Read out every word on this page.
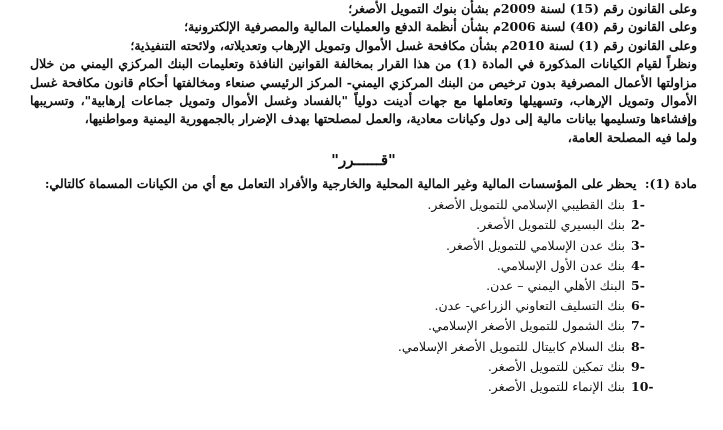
وعلى القانون رقم (15) لسنة 2009م بشأن بنوك التمويل الأصغر؛

وعلى القانون رقم (40) لسنة 2006م بشأن أنظمة الدفع والعمليات المالية والمصرفية الإلكترونية؛

وعلى القانون رقم (1) لسنة 2010م بشأن مكافحة غسل الأموال وتمويل الإرهاب وتعديلاته، ولائحته التنفيذية؛

ونظراً لقيام الكيانات المذكورة في المادة (1) من هذا القرار بمخالفة القوانين النافذة وتعليمات البنك المركزي اليمني من خلال مزاولتها الأعمال المصرفية بدون ترخيص من البنك المركزي اليمني- المركز الرئيسي صنعاء ومخالفتها أحكام قانون مكافحة غسل الأموال وتمويل الإرهاب، وتسهيلها وتعاملها مع جهات أدينت دولياً "بالفساد وغسل الأموال وتمويل جماعات إرهابية"، وتسريبها وإفشاءها وتسليمها بيانات مالية إلى دول وكيانات معادية، والعمل لمصلحتها بهدف الإضرار بالجمهورية اليمنية ومواطنيها،

ولما فيه المصلحة العامة،

"قــــــرر"

مادة (1): يحظر على المؤسسات المالية وغير المالية المحلية والخارجية والأفراد التعامل مع أي من الكيانات المسماة كالتالي:

1 -
بنك القطيبي الإسلامي للتمويل الأصغر.
2 -
بنك البسيري للتمويل الأصغر.
3 -
بنك عدن الإسلامي للتمويل الأصغر.
4 -
بنك عدن الأول الإسلامي.
5 -
البنك الأهلي اليمني – عدن.
6 -
بنك التسليف التعاوني الزراعي- عدن.
7 -
بنك الشمول للتمويل الأصغر الإسلامي.
8 -
بنك السلام كابيتال للتمويل الأصغر الإسلامي.
9 -
بنك تمكين للتمويل الأصغر.
10 -
بنك الإنماء للتمويل الأصغر.
